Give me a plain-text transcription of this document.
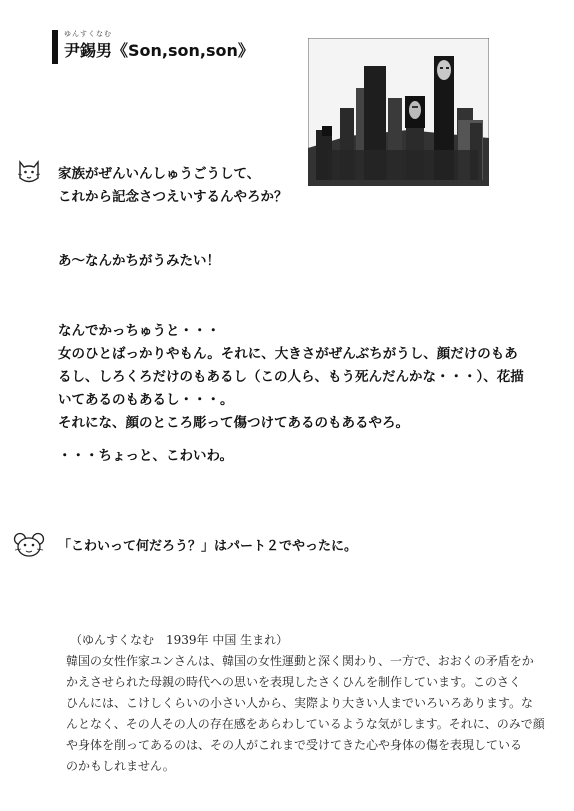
ゆんすくなむ
尹錫男《Son,son,son》
家族がぜんいんしゅうごうして、
これから記念さつえいするんやろか？
あ～なんかちがうみたい！
なんでかっちゅうと・・・
女のひとばっかりやもん。それに、大きさがぜんぶちがうし、顔だけのもあ
るし、しろくろだけのもあるし（この人ら、もう死んだんかな・・・）、花描
いてあるのもあるし・・・。
それにな、顔のところ彫って傷つけてあるのもあるやろ。
・・・ちょっと、こわいわ。
「こわいって何だろう？」はパート２でやったに。
（ゆんすくなむ　1939年 中国 生まれ）
韓国の女性作家ユンさんは、韓国の女性運動と深く関わり、一方で、おおくの矛盾をか
かえさせられた母親の時代への思いを表現したさくひんを制作しています。このさく
ひんには、こけしくらいの小さい人から、実際より大きい人までいろいろあります。な
んとなく、その人その人の存在感をあらわしているような気がします。それに、のみで顔
や身体を削ってあるのは、その人がこれまで受けてきた心や身体の傷を表現している
のかもしれません。
